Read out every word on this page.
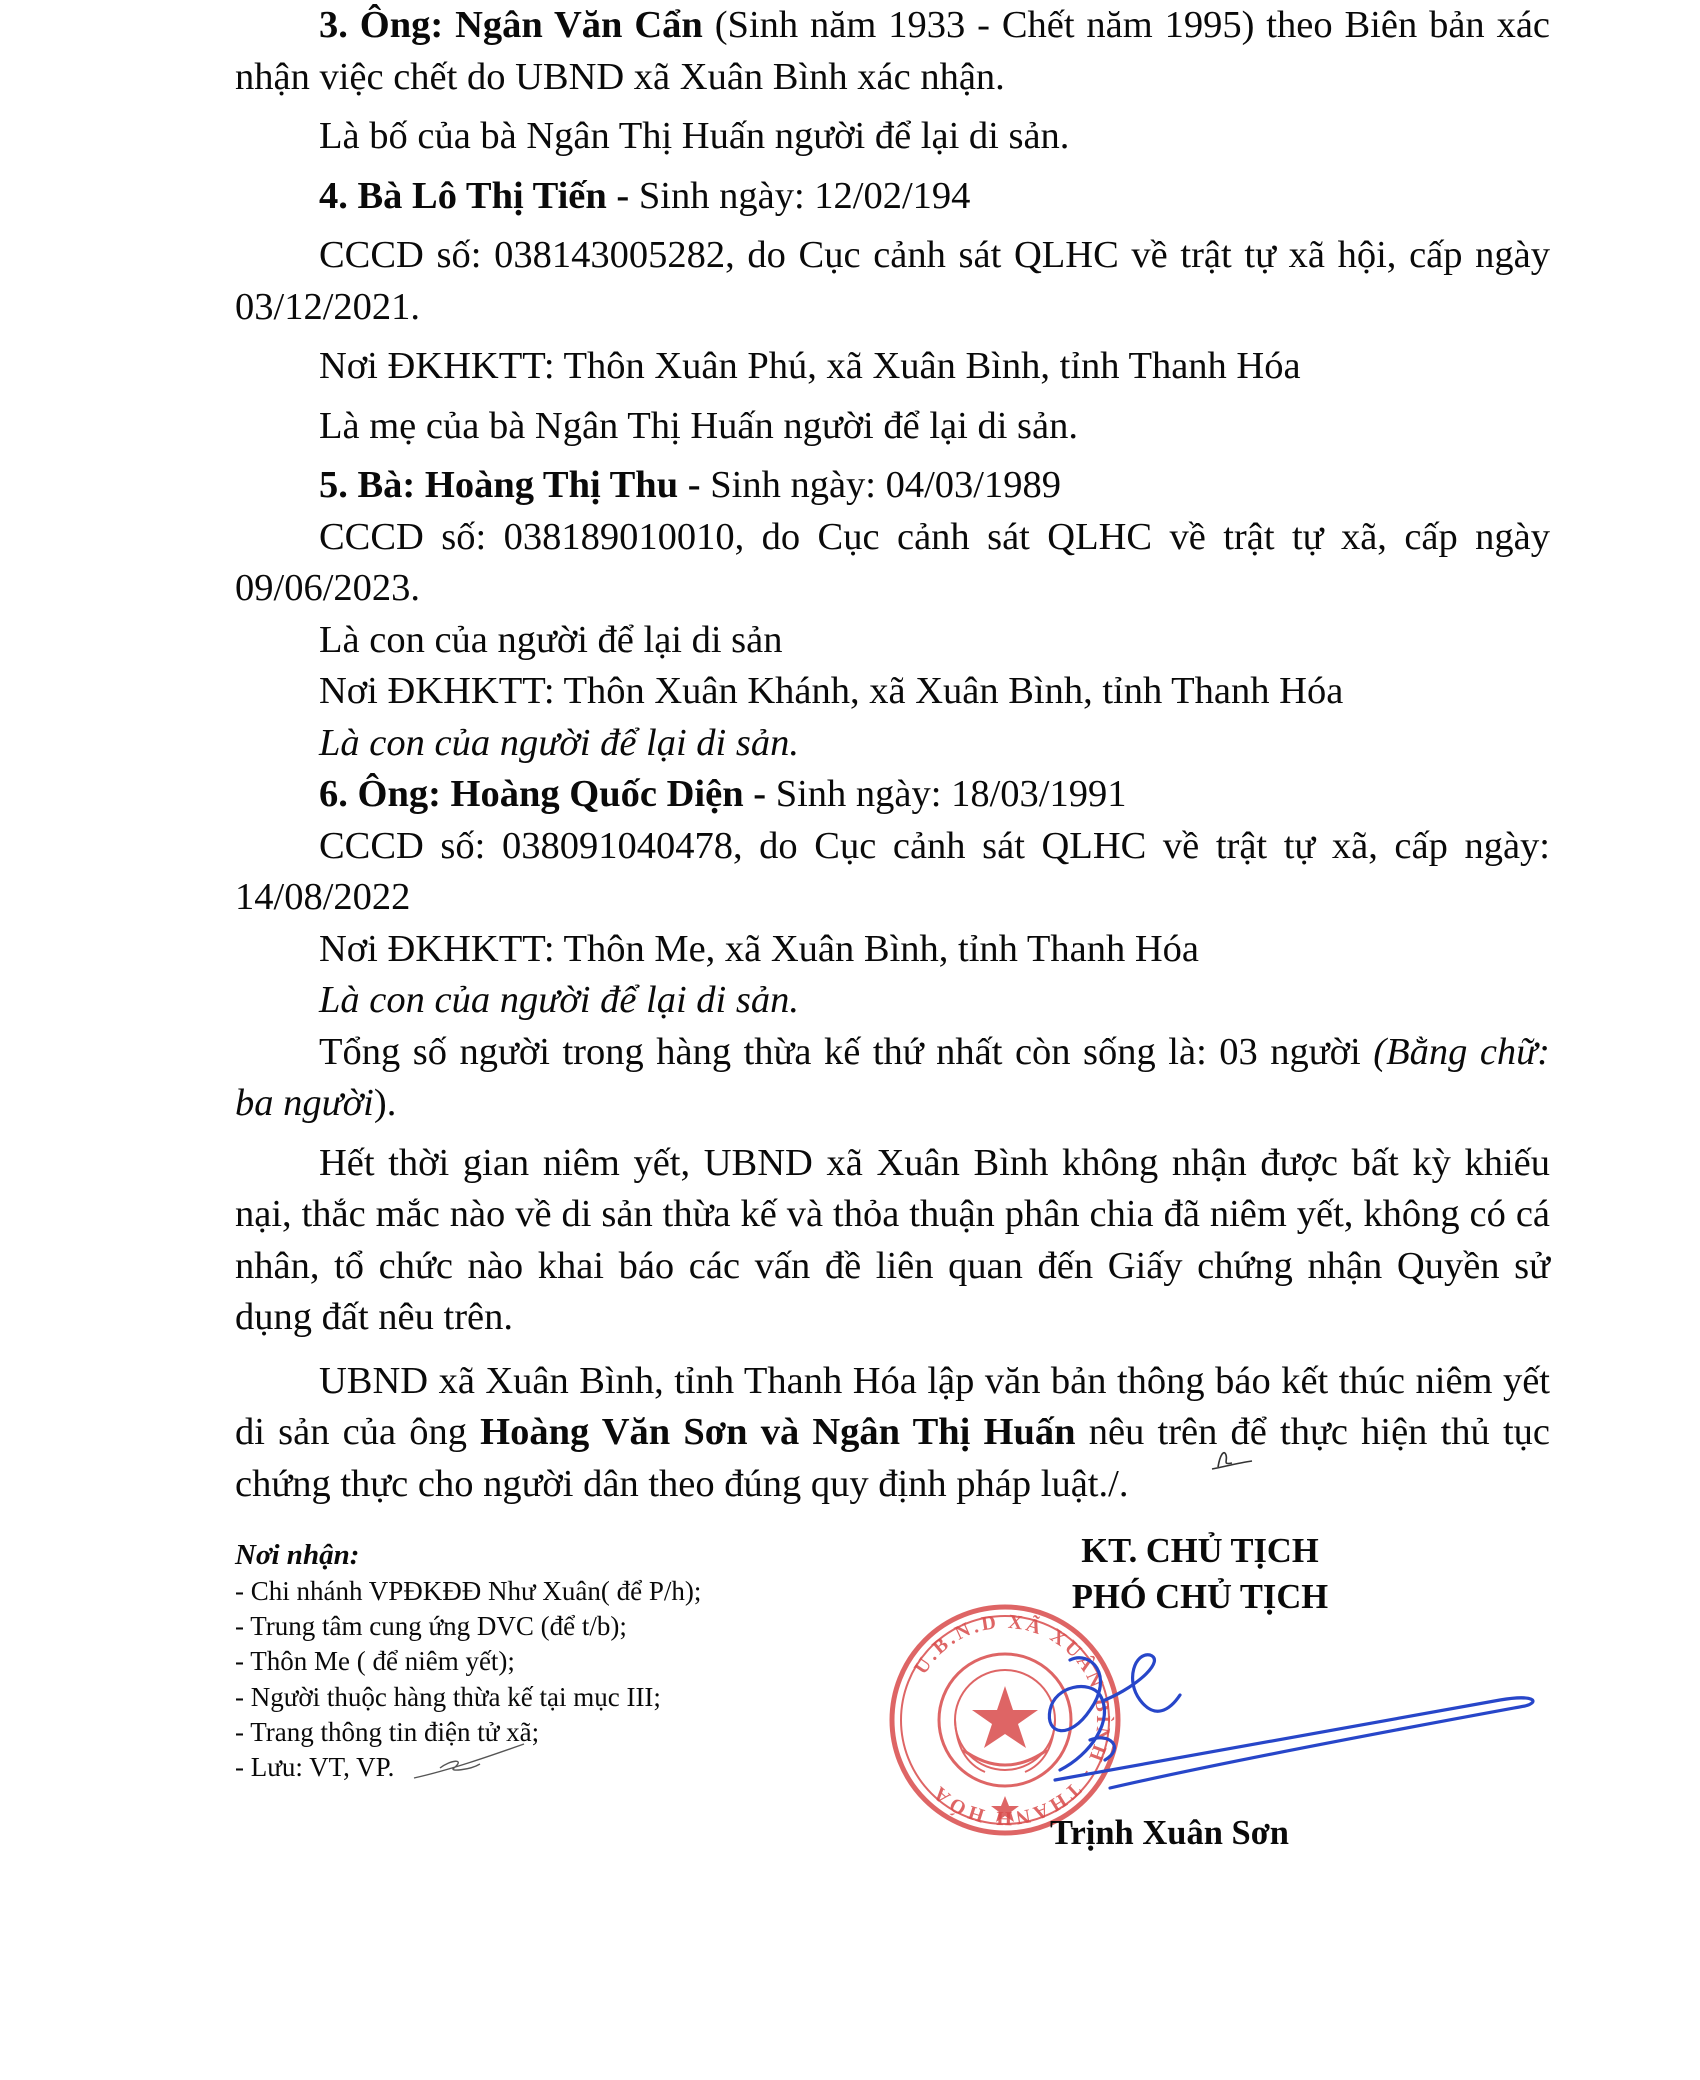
3. Ông: Ngân Văn Cẩn (Sinh năm 1933 - Chết năm 1995) theo Biên bản xác nhận việc chết do UBND xã Xuân Bình xác nhận.

Là bố của bà Ngân Thị Huấn người để lại di sản.

4. Bà Lô Thị Tiến - Sinh ngày: 12/02/194

CCCD số: 038143005282, do Cục cảnh sát QLHC về trật tự xã hội, cấp ngày 03/12/2021.

Nơi ĐKHKTT: Thôn Xuân Phú, xã Xuân Bình, tỉnh Thanh Hóa

Là mẹ của bà Ngân Thị Huấn người để lại di sản.

5. Bà: Hoàng Thị Thu - Sinh ngày: 04/03/1989

CCCD số: 038189010010, do Cục cảnh sát QLHC về trật tự xã, cấp ngày 09/06/2023.

Là con của người để lại di sản

Nơi ĐKHKTT: Thôn Xuân Khánh, xã Xuân Bình, tỉnh Thanh Hóa

Là con của người để lại di sản.

6. Ông: Hoàng Quốc Diện - Sinh ngày: 18/03/1991

CCCD số: 038091040478, do Cục cảnh sát QLHC về trật tự xã, cấp ngày: 14/08/2022

Nơi ĐKHKTT: Thôn Me, xã Xuân Bình, tỉnh Thanh Hóa

Là con của người để lại di sản.

Tổng số người trong hàng thừa kế thứ nhất còn sống là: 03 người (Bằng chữ: ba người).

Hết thời gian niêm yết, UBND xã Xuân Bình không nhận được bất kỳ khiếu nại, thắc mắc nào về di sản thừa kế và thỏa thuận phân chia đã niêm yết, không có cá nhân, tổ chức nào khai báo các vấn đề liên quan đến Giấy chứng nhận Quyền sử dụng đất nêu trên.

UBND xã Xuân Bình, tỉnh Thanh Hóa lập văn bản thông báo kết thúc niêm yết di sản của ông Hoàng Văn Sơn và Ngân Thị Huấn nêu trên để thực hiện thủ tục chứng thực cho người dân theo đúng quy định pháp luật./.

Nơi nhận:
- Chi nhánh VPĐKĐĐ Như Xuân( để P/h);
- Trung tâm cung ứng DVC (để t/b);
- Thôn Me ( để niêm yết);
- Người thuộc hàng thừa kế tại mục III;
- Trang thông tin điện tử xã;
- Lưu: VT, VP.
KT. CHỦ TỊCH
PHÓ CHỦ TỊCH
U.B.N.D XÃ XUÂN BÌNH - THANH HÓA
Trịnh Xuân Sơn
